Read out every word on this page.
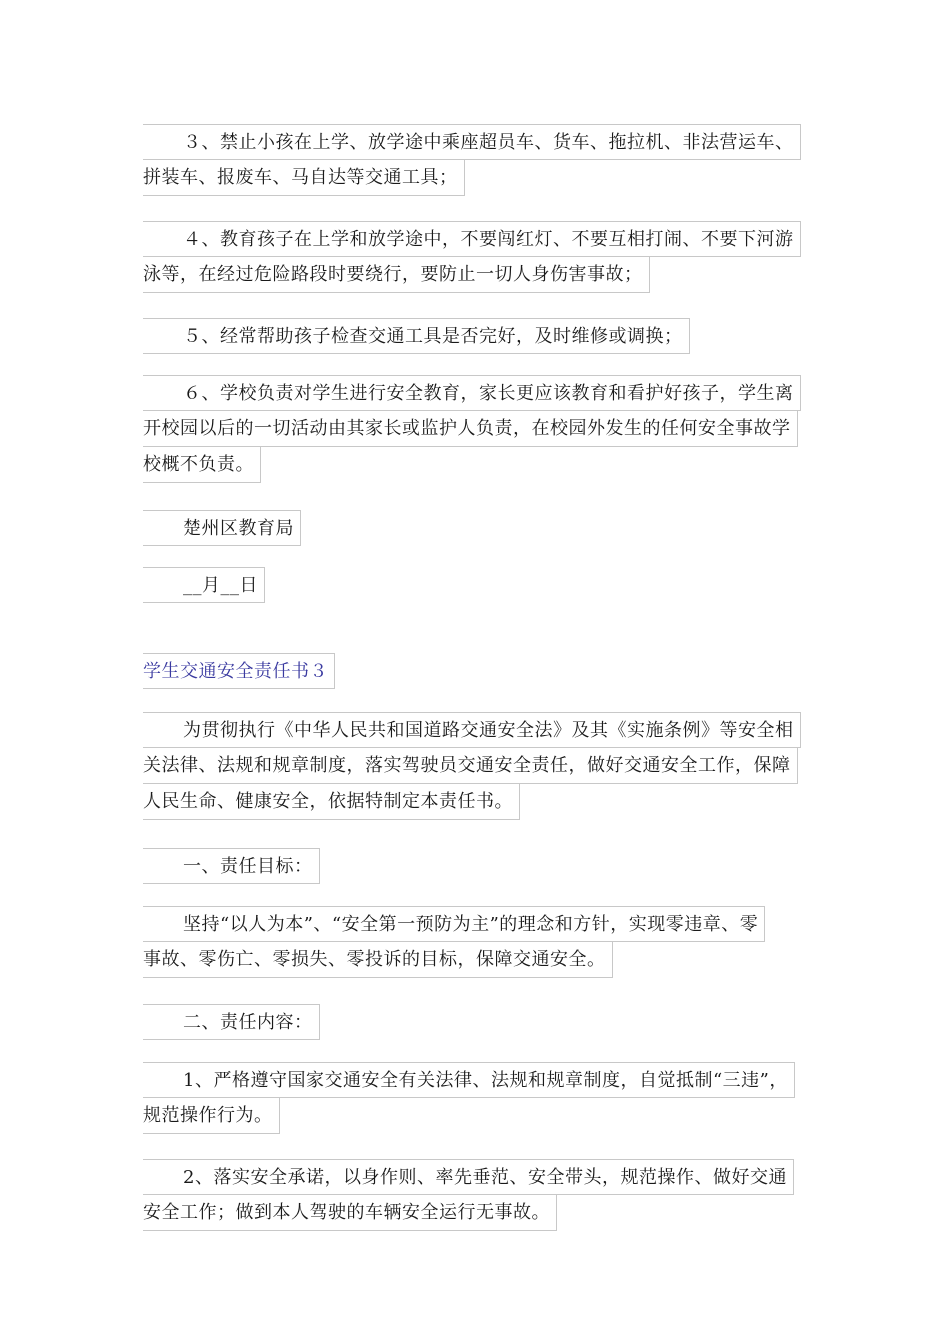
３、禁止小孩在上学、放学途中乘座超员车、货车、拖拉机、非法营运车、
拼装车、报废车、马自达等交通工具；
４、教育孩子在上学和放学途中，不要闯红灯、不要互相打闹、不要下河游
泳等，在经过危险路段时要绕行，要防止一切人身伤害事故；
５、经常帮助孩子检查交通工具是否完好，及时维修或调换；
６、学校负责对学生进行安全教育，家长更应该教育和看护好孩子，学生离
开校园以后的一切活动由其家长或监护人负责，在校园外发生的任何安全事故学
校概不负责。
楚州区教育局
__月__日
学生交通安全责任书３
为贯彻执行《中华人民共和国道路交通安全法》及其《实施条例》等安全相
关法律、法规和规章制度，落实驾驶员交通安全责任，做好交通安全工作，保障
人民生命、健康安全，依据特制定本责任书。
一、责任目标：
坚持“以人为本”、“安全第一预防为主”的理念和方针，实现零违章、零
事故、零伤亡、零损失、零投诉的目标，保障交通安全。
二、责任内容：
1、严格遵守国家交通安全有关法律、法规和规章制度，自觉抵制“三违”，
规范操作行为。
2、落实安全承诺，以身作则、率先垂范、安全带头，规范操作、做好交通
安全工作；做到本人驾驶的车辆安全运行无事故。
